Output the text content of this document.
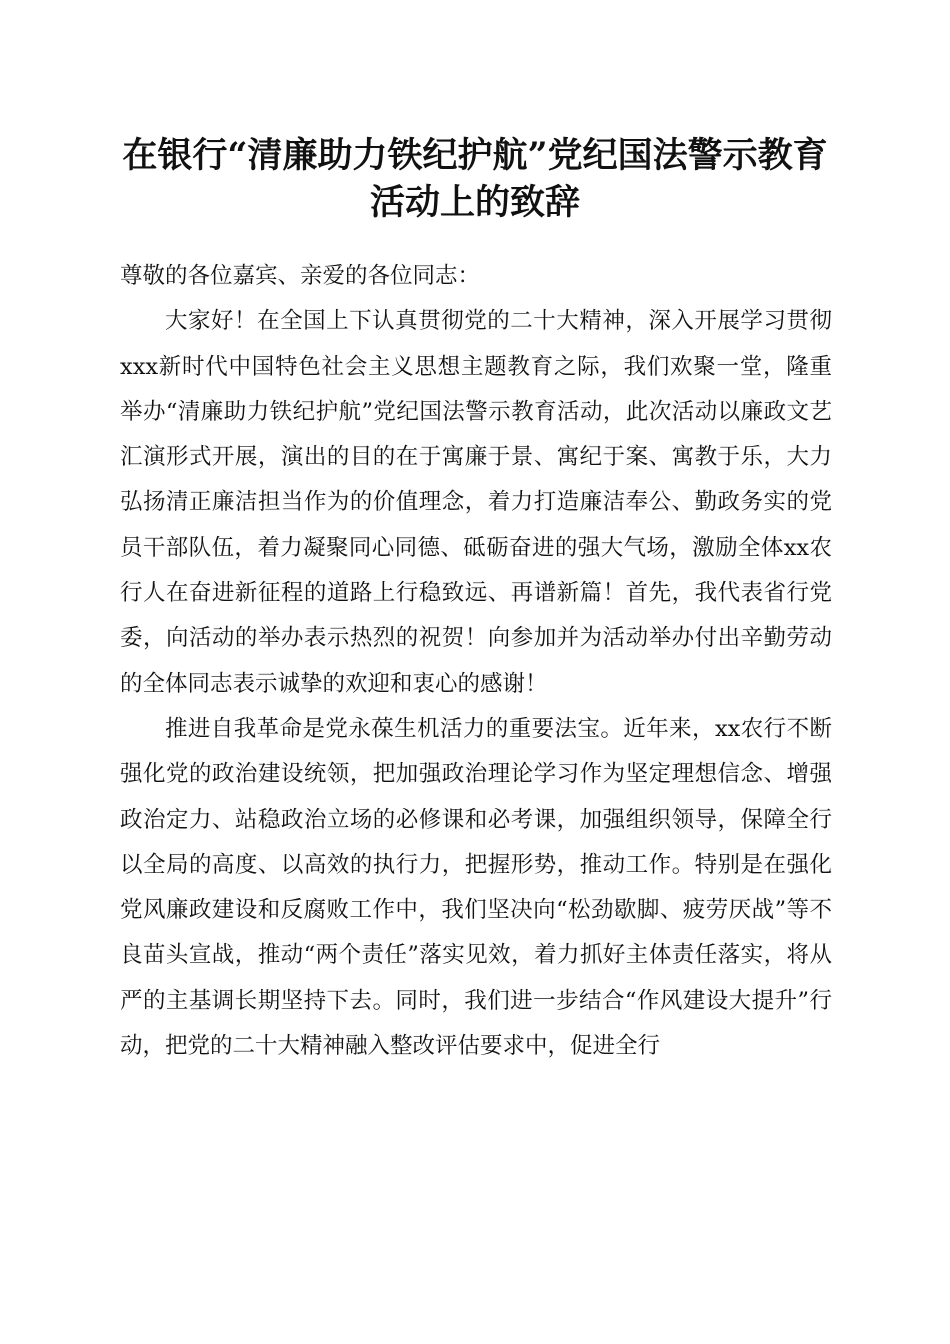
在银行“清廉助力铁纪护航”党纪国法警示教育活动上的致辞

尊敬的各位嘉宾、亲爱的各位同志：

大家好！在全国上下认真贯彻党的二十大精神，深入开展学习贯彻xxx新时代中国特色社会主义思想主题教育之际，我们欢聚一堂，隆重举办“清廉助力铁纪护航”党纪国法警示教育活动，此次活动以廉政文艺汇演形式开展，演出的目的在于寓廉于景、寓纪于案、寓教于乐，大力弘扬清正廉洁担当作为的价值理念，着力打造廉洁奉公、勤政务实的党员干部队伍，着力凝聚同心同德、砥砺奋进的强大气场，激励全体xx农行人在奋进新征程的道路上行稳致远、再谱新篇！首先，我代表省行党委，向活动的举办表示热烈的祝贺！向参加并为活动举办付出辛勤劳动的全体同志表示诚挚的欢迎和衷心的感谢！

推进自我革命是党永葆生机活力的重要法宝。近年来，xx农行不断强化党的政治建设统领，把加强政治理论学习作为坚定理想信念、增强政治定力、站稳政治立场的必修课和必考课，加强组织领导，保障全行以全局的高度、以高效的执行力，把握形势，推动工作。特别是在强化党风廉政建设和反腐败工作中，我们坚决向“松劲歇脚、疲劳厌战”等不良苗头宣战，推动“两个责任”落实见效，着力抓好主体责任落实，将从严的主基调长期坚持下去。同时，我们进一步结合“作风建设大提升”行动，把党的二十大精神融入整改评估要求中，促进全行
